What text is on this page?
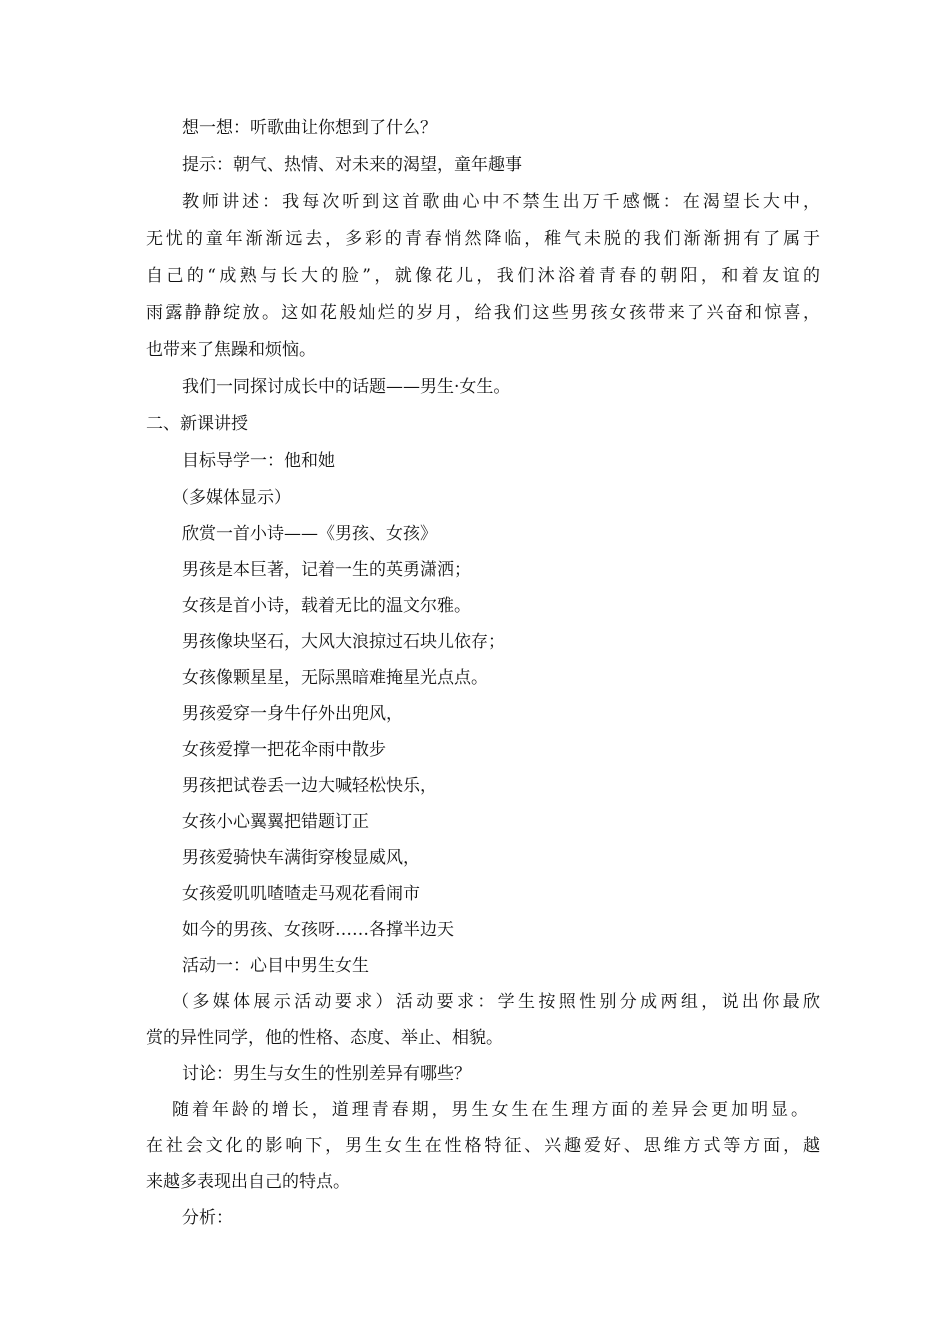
想一想：听歌曲让你想到了什么？
提示：朝气、热情、对未来的渴望，童年趣事
教师讲述：我每次听到这首歌曲心中不禁生出万千感慨：在渴望长大中，
无忧的童年渐渐远去，多彩的青春悄然降临，稚气未脱的我们渐渐拥有了属于
自己的“成熟与长大的脸”，就像花儿，我们沐浴着青春的朝阳，和着友谊的
雨露静静绽放。这如花般灿烂的岁月，给我们这些男孩女孩带来了兴奋和惊喜，
也带来了焦躁和烦恼。
我们一同探讨成长中的话题——男生·女生。
二、新课讲授
目标导学一：他和她
（多媒体显示）
欣赏一首小诗——《男孩、女孩》
男孩是本巨著，记着一生的英勇潇洒；
女孩是首小诗，载着无比的温文尔雅。
男孩像块坚石，大风大浪掠过石块儿依存；
女孩像颗星星，无际黑暗难掩星光点点。
男孩爱穿一身牛仔外出兜风，
女孩爱撑一把花伞雨中散步
男孩把试卷丢一边大喊轻松快乐，
女孩小心翼翼把错题订正
男孩爱骑快车满街穿梭显威风，
女孩爱叽叽喳喳走马观花看闹市
如今的男孩、女孩呀……各撑半边天
活动一：心目中男生女生
（多媒体展示活动要求）活动要求：学生按照性别分成两组，说出你最欣
赏的异性同学，他的性格、态度、举止、相貌。
讨论：男生与女生的性别差异有哪些？
随着年龄的增长，道理青春期，男生女生在生理方面的差异会更加明显。
在社会文化的影响下，男生女生在性格特征、兴趣爱好、思维方式等方面，越
来越多表现出自己的特点。
分析：
